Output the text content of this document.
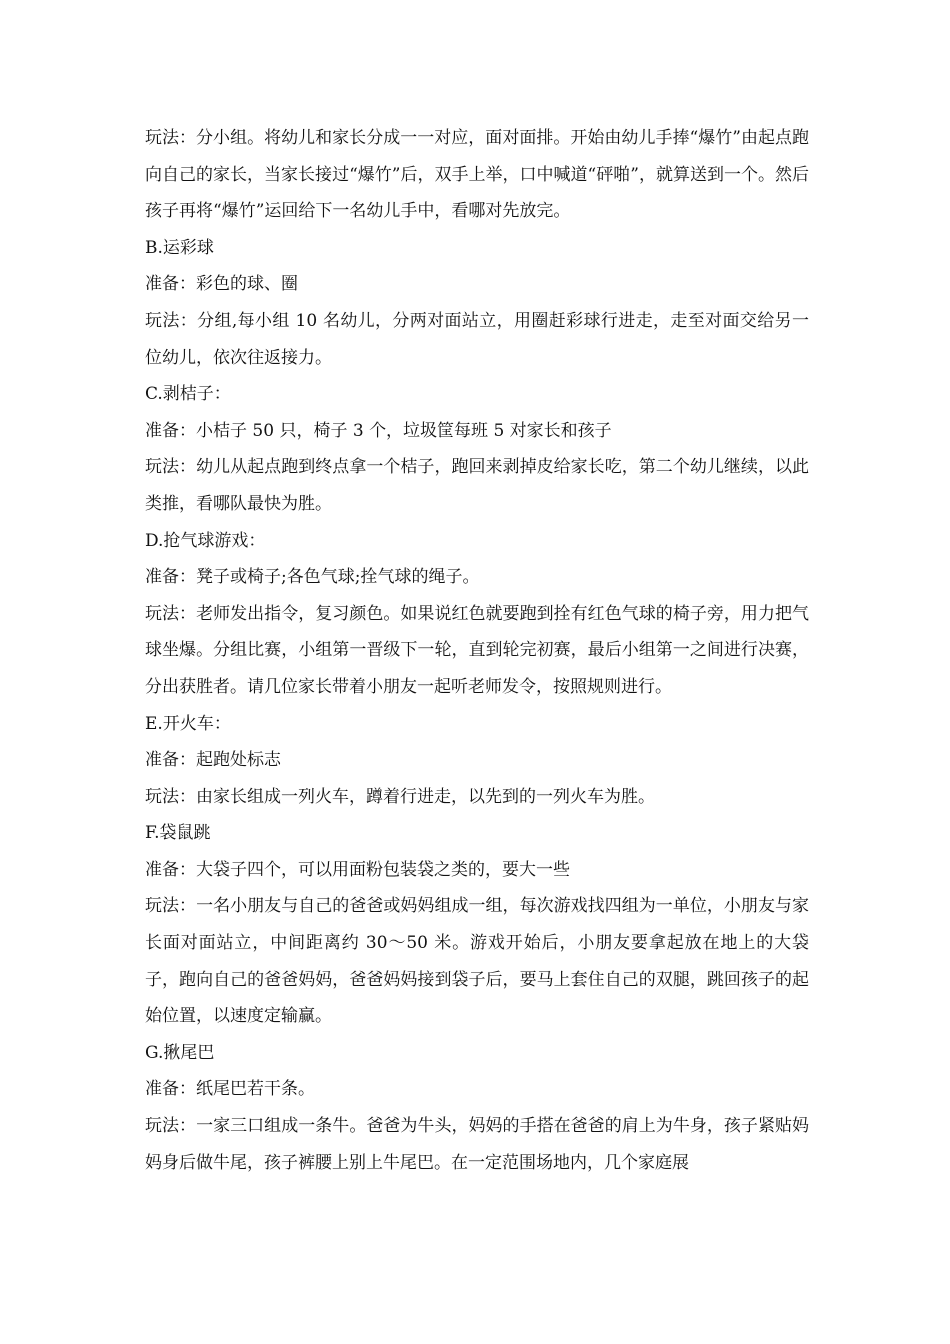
玩法：分小组。将幼儿和家长分成一一对应，面对面排。开始由幼儿手捧“爆竹”由起点跑向自己的家长，当家长接过“爆竹”后，双手上举，口中喊道“砰啪”，就算送到一个。然后孩子再将“爆竹”运回给下一名幼儿手中，看哪对先放完。

B.运彩球

准备：彩色的球、圈

玩法：分组,每小组 10 名幼儿，分两对面站立，用圈赶彩球行进走，走至对面交给另一位幼儿，依次往返接力。

C.剥桔子：

准备：小桔子 50 只，椅子 3 个，垃圾筐每班 5 对家长和孩子

玩法：幼儿从起点跑到终点拿一个桔子，跑回来剥掉皮给家长吃，第二个幼儿继续，以此类推，看哪队最快为胜。

D.抢气球游戏：

准备：凳子或椅子;各色气球;拴气球的绳子。

玩法：老师发出指令，复习颜色。如果说红色就要跑到拴有红色气球的椅子旁，用力把气球坐爆。分组比赛，小组第一晋级下一轮，直到轮完初赛，最后小组第一之间进行决赛，分出获胜者。请几位家长带着小朋友一起听老师发令，按照规则进行。

E.开火车：

准备：起跑处标志

玩法：由家长组成一列火车，蹲着行进走，以先到的一列火车为胜。

F.袋鼠跳

准备：大袋子四个，可以用面粉包装袋之类的，要大一些

玩法：一名小朋友与自己的爸爸或妈妈组成一组，每次游戏找四组为一单位，小朋友与家长面对面站立，中间距离约 30～50 米。游戏开始后，小朋友要拿起放在地上的大袋子，跑向自己的爸爸妈妈，爸爸妈妈接到袋子后，要马上套住自己的双腿，跳回孩子的起始位置，以速度定输赢。

G.揪尾巴

准备：纸尾巴若干条。

玩法：一家三口组成一条牛。爸爸为牛头，妈妈的手搭在爸爸的肩上为牛身，孩子紧贴妈妈身后做牛尾，孩子裤腰上别上牛尾巴。在一定范围场地内，几个家庭展
